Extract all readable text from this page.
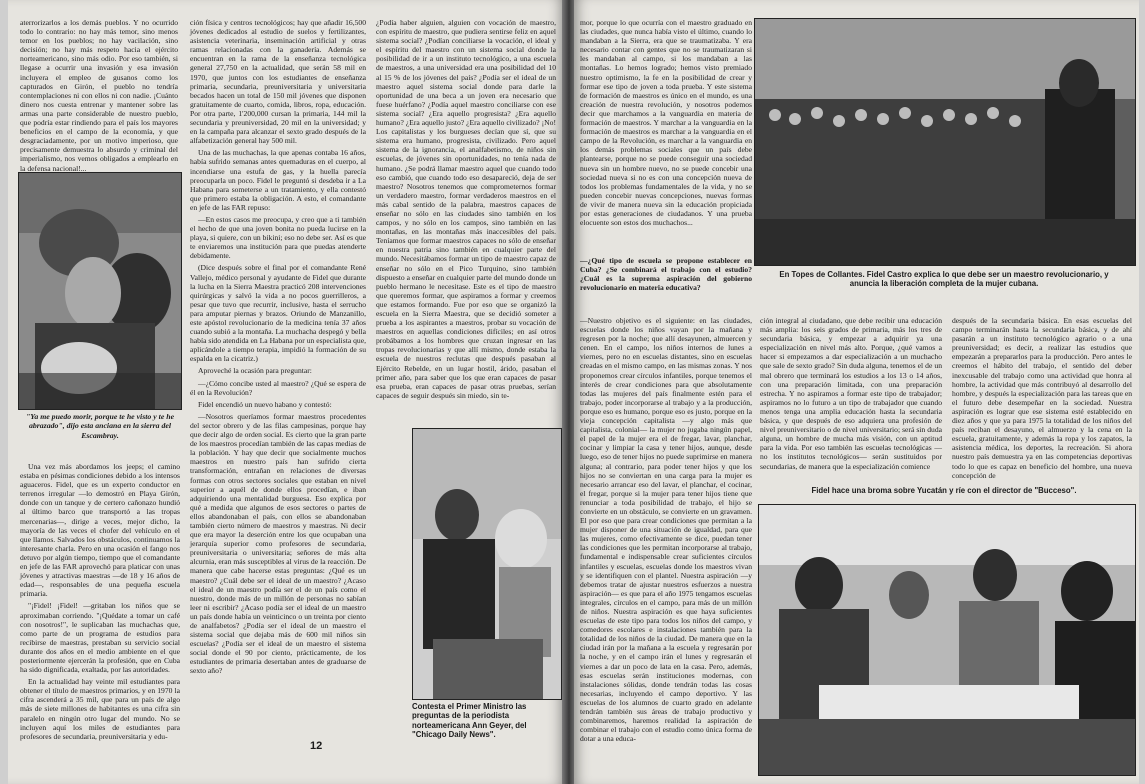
aterrorizarlos a los demás pueblos. Y no ocurrido todo lo contrario: no hay más temor, sino menos temor en los pueblos; no hay vacilación, sino decisión; no hay más respeto hacia el ejército norteamericano, sino más odio. Por eso también, si llegase a ocurrir una invasión y esa invasión incluyera el empleo de gusanos como los capturados en Girón, el pueblo no tendría contemplaciones ni con ellos ni con nadie. ¡Cuánto dinero nos cuesta entrenar y mantener sobre las armas una parte considerable de nuestro pueblo, que podría estar rindiendo para el país los mayores beneficios en el campo de la economía, y que desgraciadamente, por un motivo imperioso, que precisamente demuestra lo absurdo y criminal del imperialismo, nos vemos obligados a emplearlo en la defensa nacional!...

"Ya me puedo morir, porque te he visto y te he abrazado", dijo esta anciana en la sierra del Escambray.

Una vez más abordamos los jeeps; el camino estaba en pésimas condiciones debido a los intensos aguaceros. Fidel, que es un experto conductor en terrenos irregular —lo demostró en Playa Girón, donde con un tanque y de certero cañonazo hundió al último barco que transportó a las tropas mercenarias—, dirige a veces, mejor dicho, la mayoría de las veces el chofer del vehículo en el que llamos. Salvados los obstáculos, continuamos la interesante charla. Pero en una ocasión el fango nos detuvo por algún tiempo, tiempo que el comandante en jefe de las FAR aprovechó para platicar con unas jóvenes y atractivas maestras —de 18 y 16 años de edad—, responsables de una pequeña escuela primaria.

"¡Fidel! ¡Fidel! —gritaban los niños que se aproximaban corriendo. "¡Quédate a tomar un café con nosotros!", le suplicaban las muchachas que, como parte de un programa de estudios para recibirse de maestras, prestaban su servicio social durante dos años en el medio ambiente en el que posteriormente ejercerán la profesión, que en Cuba ha sido dignificada, exaltada, por las autoridades.

En la actualidad hay veinte mil estudiantes para obtener el título de maestros primarios, y en 1970 la cifra ascenderá a 35 mil, que para un país de algo más de siete millones de habitantes es una cifra sin paralelo en ningún otro lugar del mundo. No se incluyen aquí los miles de estudiantes para profesores de secundaria, preuniversitaria y edu-

ción física y centros tecnológicos; hay que añadir 16,500 jóvenes dedicados al estudio de suelos y fertilizantes, asistencia veterinaria, inseminación artificial y otras ramas relacionadas con la ganadería. Además se encuentran en la rama de la enseñanza tecnológica general 27,750 en la actualidad, que serán 58 mil en 1970, que juntos con los estudiantes de enseñanza primaria, secundaria, preuniversitaria y universitaria becados hacen un total de 150 mil jóvenes que disponen gratuitamente de cuarto, comida, libros, ropa, educación. Por otra parte, 1'200,000 cursan la primaria, 144 mil la secundaria y preuniversidad, 20 mil en la universidad; y en la campaña para alcanzar el sexto grado después de la alfabetización general hay 500 mil.

Una de las muchachas, la que apenas contaba 16 años, había sufrido semanas antes quemaduras en el cuerpo, al incendiarse una estufa de gas, y la huella parecía preocuparla un poco. Fidel le preguntó si desdeba ir a La Habana para someterse a un tratamiento, y ella contestó que primero estaba la obligación. A esto, el comandante en jefe de las FAR repuso:

—En estos casos me preocupa, y creo que a ti también el hecho de que una joven bonita no pueda lucirse en la playa, si quiere, con un bikini; eso no debe ser. Así es que te enviaremos una institución para que puedas atenderte debidamente.

(Dice después sobre el final por el comandante René Vallejo, médico personal y ayudante de Fidel que durante la lucha en la Sierra Maestra practicó 208 intervenciones quirúrgicas y salvó la vida a no pocos guerrilleros, a pesar que tuvo que recurrir, inclusive, hasta el serrucho para amputar piernas y brazos. Oriundo de Manzanillo, este apóstol revolucionario de la medicina tenía 37 años cuando subió a la montaña. La muchacha despegó y bella había sido atendida en La Habana por un especialista que, aplicándole a tiempo terapia, impidió la formación de su espalda en la cicatriz.)

Aproveché la ocasión para preguntar:

—¿Cómo concibe usted al maestro? ¿Qué se espera de él en la Revolución?

Fidel encendió un nuevo habano y contestó:

—Nosotros queríamos formar maestros procedentes del sector obrero y de las filas campesinas, porque hay que decir algo de orden social. Es cierto que la gran parte de los maestros procedían también de las capas medias de la población. Y hay que decir que socialmente muchos maestros en nuestro país han sufrido cierta transformación, entrañan en relaciones de diversas formas con otros sectores sociales que estaban en nivel superior a aquél de donde ellos procedían, e iban adquiriendo una mentalidad burguesa. Eso explica por qué a medida que algunos de esos sectores o partes de ellos abandonaban el país, con ellos se abandonaban también cierto número de maestros y maestras. Ni decir que era mayor la deserción entre los que ocupaban una jerarquía superior como profesores de secundaria, preuniversitaria o universitaria; señores de más alta alcurnia, eran más susceptibles al virus de la reacción. De manera que cabe hacerse estas preguntas: ¿Qué es un maestro? ¿Cuál debe ser el ideal de un maestro? ¿Acaso el ideal de un maestro podía ser el de un país como el nuestro, donde más de un millón de personas no sabían leer ni escribir? ¿Acaso podía ser el ideal de un maestro un país donde había un veinticinco o un treinta por ciento de analfabetos? ¿Podía ser el ideal de un maestro el sistema social que dejaba más de 600 mil niños sin escuelas? ¿Podía ser el ideal de un maestro el sistema social donde el 90 por ciento, prácticamente, de los estudiantes de primaria desertaban antes de graduarse de sexto año?

¿Podía haber alguien, alguien con vocación de maestro, con espíritu de maestro, que pudiera sentirse feliz en aquel sistema social? ¿Podían conciliarse la vocación, el ideal y el espíritu del maestro con un sistema social donde la posibilidad de ir a un instituto tecnológico, a una escuela de maestros, a una universidad era una posibilidad del 10 al 15 % de los jóvenes del país? ¿Podía ser el ideal de un maestro aquel sistema social donde para darle la oportunidad de una beca a un joven era necesario que fuese huérfano? ¿Podía aquel maestro conciliarse con ese sistema social? ¿Era aquello progresista? ¿Era aquello humano? ¿Era aquello justo? ¿Era aquello civilizado? ¡No! Los capitalistas y los burgueses decían que sí, que su sistema era humano, progresista, civilizado. Pero aquel sistema de la ignorancia, el analfabetismo, de niños sin escuelas, de jóvenes sin oportunidades, no tenía nada de humano. ¿Se podrá llamar maestro aquel que cuando todo eso cambió, que cuando todo eso desapareció, deja de ser maestro? Nosotros tenemos que comprometernos formar un verdadero maestro, formar verdaderos maestros en el más cabal sentido de la palabra, maestros capaces de enseñar no sólo en las ciudades sino también en los campos, y no sólo en los campos, sino también en las montañas, en las montañas más inaccesibles del país. Teníamos que formar maestros capaces no sólo de enseñar en nuestra patria sino también en cualquier parte del mundo. Necesitábamos formar un tipo de maestro capaz de enseñar no sólo en el Pico Turquino, sino también dispuesto a enseñar en cualquier parte del mundo donde un pueblo hermano le necesitase. Este es el tipo de maestro que queremos formar, que aspiramos a formar y creemos que estamos formando. Fue por eso que se organizó la escuela en la Sierra Maestra, que se decidió someter a prueba a los aspirantes a maestros, probar su vocación de maestros en aquellas condiciones difíciles; en así otros probábamos a los hombres que cruzan ingresar en las tropas revolucionarias y que allí mismo, donde estaba la escuela de nuestros reclutas que después pasaban al Ejército Rebelde, en un lugar hostil, árido, pasaban el primer año, para saber que los que eran capaces de pasar esa prueba, eran capaces de pasar otras pruebas, serían capaces de seguir después sin miedo, sin te-

Contesta el Primer Ministro las preguntas de la periodista norteamericana Ann Geyer, del "Chicago Daily News".
12

mor, porque lo que ocurría con el maestro graduado en las ciudades, que nunca había visto el último, cuando lo mandaban a la Sierra, era que se traumatizaba. Y era necesario contar con gentes que no se traumatizaran si les mandaban al campo, si los mandaban a las montañas. Lo hemos logrado; hemos visto premiado nuestro optimismo, la fe en la posibilidad de crear y formar ese tipo de joven a toda prueba. Y este sistema de formación de maestros es único en el mundo, es una creación de nuestra revolución, y nosotros podemos decir que marchamos a la vanguardia en materia de formación de maestros. Y marchar a la vanguardia en la formación de maestros es marchar a la vanguardia en el campo de la Revolución, es marchar a la vanguardia en los demás problemas sociales que un país debe plantearse, porque no se puede conseguir una sociedad nueva sin un hombre nuevo, no se puede concebir una sociedad nueva si no es con una concepción nueva de todos los problemas fundamentales de la vida, y no se pueden concebir nuevas concepciones, nuevas formas de vivir de manera nueva sin la educación propiciada por estas generaciones de ciudadanos. Y una prueba elocuente son estos dos muchachos...

En Topes de Collantes. Fidel Castro explica lo que debe ser un maestro revolucionario, y anuncia la liberación completa de la mujer cubana.

—¿Qué tipo de escuela se propone establecer en Cuba? ¿Se combinará el trabajo con el estudio? ¿Cuál es la suprema aspiración del gobierno revolucionario en materia educativa?

—Nuestro objetivo es el siguiente: en las ciudades, escuelas donde los niños vayan por la mañana y regresen por la noche; que allí desayunen, almuercen y cenen. En el campo, los niños internos de lunes a viernes, pero no en escuelas distantes, sino en escuelas creadas en el mismo campo, en las mismas zonas. Y nos proponemos crear círculos infantiles, porque tenemos el interés de crear condiciones para que absolutamente todas las mujeres del país finalmente estén para el trabajo, poder incorporarse al trabajo y a la producción, porque eso es humano, porque eso es justo, porque en la vieja concepción capitalista —y algo más que capitalista, colonial— la mujer no jugaba ningún papel, el papel de la mujer era el de fregar, lavar, planchar, cocinar y limpiar la casa y tener hijos, aunque, desde luego, eso de tener hijos no puede suprimirse en manera alguna; al contrario, para poder tener hijos y que los hijos no se conviertan en una carga para la mujer es necesario arrancar eso del lavar, el planchar, el cocinar, el fregar, porque si la mujer para tener hijos tiene que renunciar a toda posibilidad de trabajo, el hijo se convierte en un obstáculo, se convierte en un gravamen. El por eso que para crear condiciones que permitan a la mujer disponer de una situación de igualdad, para que las mujeres, como efectivamente se dice, puedan tener las condiciones que les permitan incorporarse al trabajo, fundamental e indispensable crear suficientes círculos infantiles y escuelas, escuelas donde los maestros vivan y se identifiquen con el plantel. Nuestra aspiración —y debemos tratar de ajustar nuestros esfuerzos a nuestra aspiración— es que para el año 1975 tengamos escuelas integrales, círculos en el campo, para más de un millón de niños. Nuestra aspiración es que haya suficientes escuelas de este tipo para todos los niños del campo, y comedores escolares e instalaciones también para la totalidad de los niños de la ciudad. De manera que en la ciudad irán por la mañana a la escuela y regresarán por la noche, y en el campo irán el lunes y regresarán el viernes a dar un poco de lata en la casa. Pero, además, esas escuelas serán instituciones modernas, con instalaciones sólidas, donde tendrán todas las cosas necesarias, incluyendo el campo deportivo. Y las escuelas de los alumnos de cuarto grado en adelante tendrán también sus áreas de trabajo productivo y combinaremos, haremos realidad la aspiración de combinar el trabajo con el estudio como única forma de dotar a una educa-

ción integral al ciudadano, que debe recibir una educación más amplia: los seis grados de primaria, más los tres de secundaria básica, y empezar a adquirir ya una especialización en nivel más alto. Porque, ¿qué vamos a hacer si empezamos a dar especialización a un muchacho que sale de sexto grado? Sin duda alguna, tenemos el de un mal obrero que terminará los estudios a los 13 o 14 años, con una preparación limitada, con una preparación estrecha. Y no aspiramos a formar este tipo de trabajador; aspiramos no lo futuro a un tipo de trabajador que cuando menos tenga una amplia educación hasta la secundaria básica, y que después de eso adquiera una profesión de nivel preuniversitario o de nivel universitario; será sin duda alguna, un hombre de mucha más visión, con un aptitud para la vida. Por eso también las escuelas tecnológicas —no los institutos tecnológicos— serán sustituidos por secundarias, de manera que la especialización comience

después de la secundaria básica. En esas escuelas del campo terminarán hasta la secundaria básica, y de ahí pasarán a un instituto tecnológico agrario o a una preuniversidad; es decir, a realizar las estudios que empezarán a prepararlos para la producción. Pero antes le creemos el hábito del trabajo, el sentido del deber inexcusable del trabajo como una actividad que honra al hombre, la actividad que más contribuyó al desarrollo del hombre, y después la especialización para las tareas que en el futuro debe desempeñar en la sociedad. Nuestra aspiración es lograr que ese sistema esté establecido en diez años y que ya para 1975 la totalidad de los niños del país reciban el desayuno, el almuerzo y la cena en la escuela, gratuitamente, y además la ropa y los zapatos, la asistencia médica, los deportes, la recreación. Si ahora nuestro país demuestra ya en las competencias deportivas todo lo que es capaz en beneficio del hombre, una nueva concepción de

Fidel hace una broma sobre Yucatán y ríe con el director de "Bucceso".
